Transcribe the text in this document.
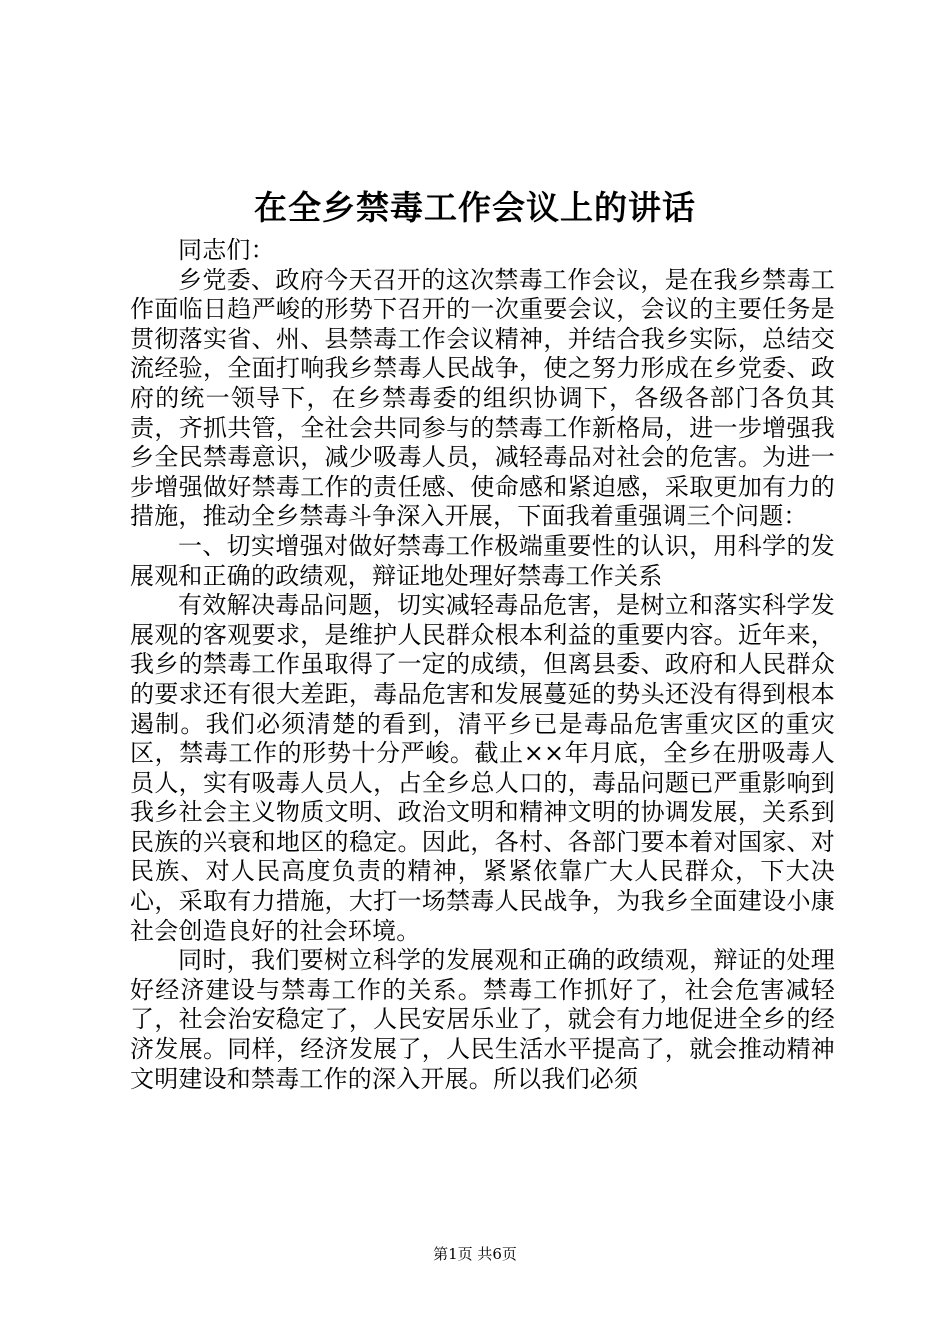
在全乡禁毒工作会议上的讲话

同志们：

乡党委、政府今天召开的这次禁毒工作会议，是在我乡禁毒工作面临日趋严峻的形势下召开的一次重要会议，会议的主要任务是贯彻落实省、州、县禁毒工作会议精神，并结合我乡实际，总结交流经验，全面打响我乡禁毒人民战争，使之努力形成在乡党委、政府的统一领导下，在乡禁毒委的组织协调下，各级各部门各负其责，齐抓共管，全社会共同参与的禁毒工作新格局，进一步增强我乡全民禁毒意识，减少吸毒人员，减轻毒品对社会的危害。为进一步增强做好禁毒工作的责任感、使命感和紧迫感，采取更加有力的措施，推动全乡禁毒斗争深入开展，下面我着重强调三个问题：

一、切实增强对做好禁毒工作极端重要性的认识，用科学的发展观和正确的政绩观，辩证地处理好禁毒工作关系

有效解决毒品问题，切实减轻毒品危害，是树立和落实科学发展观的客观要求，是维护人民群众根本利益的重要内容。近年来，我乡的禁毒工作虽取得了一定的成绩，但离县委、政府和人民群众的要求还有很大差距，毒品危害和发展蔓延的势头还没有得到根本遏制。我们必须清楚的看到，清平乡已是毒品危害重灾区的重灾区，禁毒工作的形势十分严峻。截止××年月底，全乡在册吸毒人员人，实有吸毒人员人，占全乡总人口的，毒品问题已严重影响到我乡社会主义物质文明、政治文明和精神文明的协调发展，关系到民族的兴衰和地区的稳定。因此，各村、各部门要本着对国家、对民族、对人民高度负责的精神，紧紧依靠广大人民群众，下大决心，采取有力措施，大打一场禁毒人民战争，为我乡全面建设小康社会创造良好的社会环境。

同时，我们要树立科学的发展观和正确的政绩观，辩证的处理好经济建设与禁毒工作的关系。禁毒工作抓好了，社会危害减轻了，社会治安稳定了，人民安居乐业了，就会有力地促进全乡的经济发展。同样，经济发展了，人民生活水平提高了，就会推动精神文明建设和禁毒工作的深入开展。所以我们必须

第1页 共6页
